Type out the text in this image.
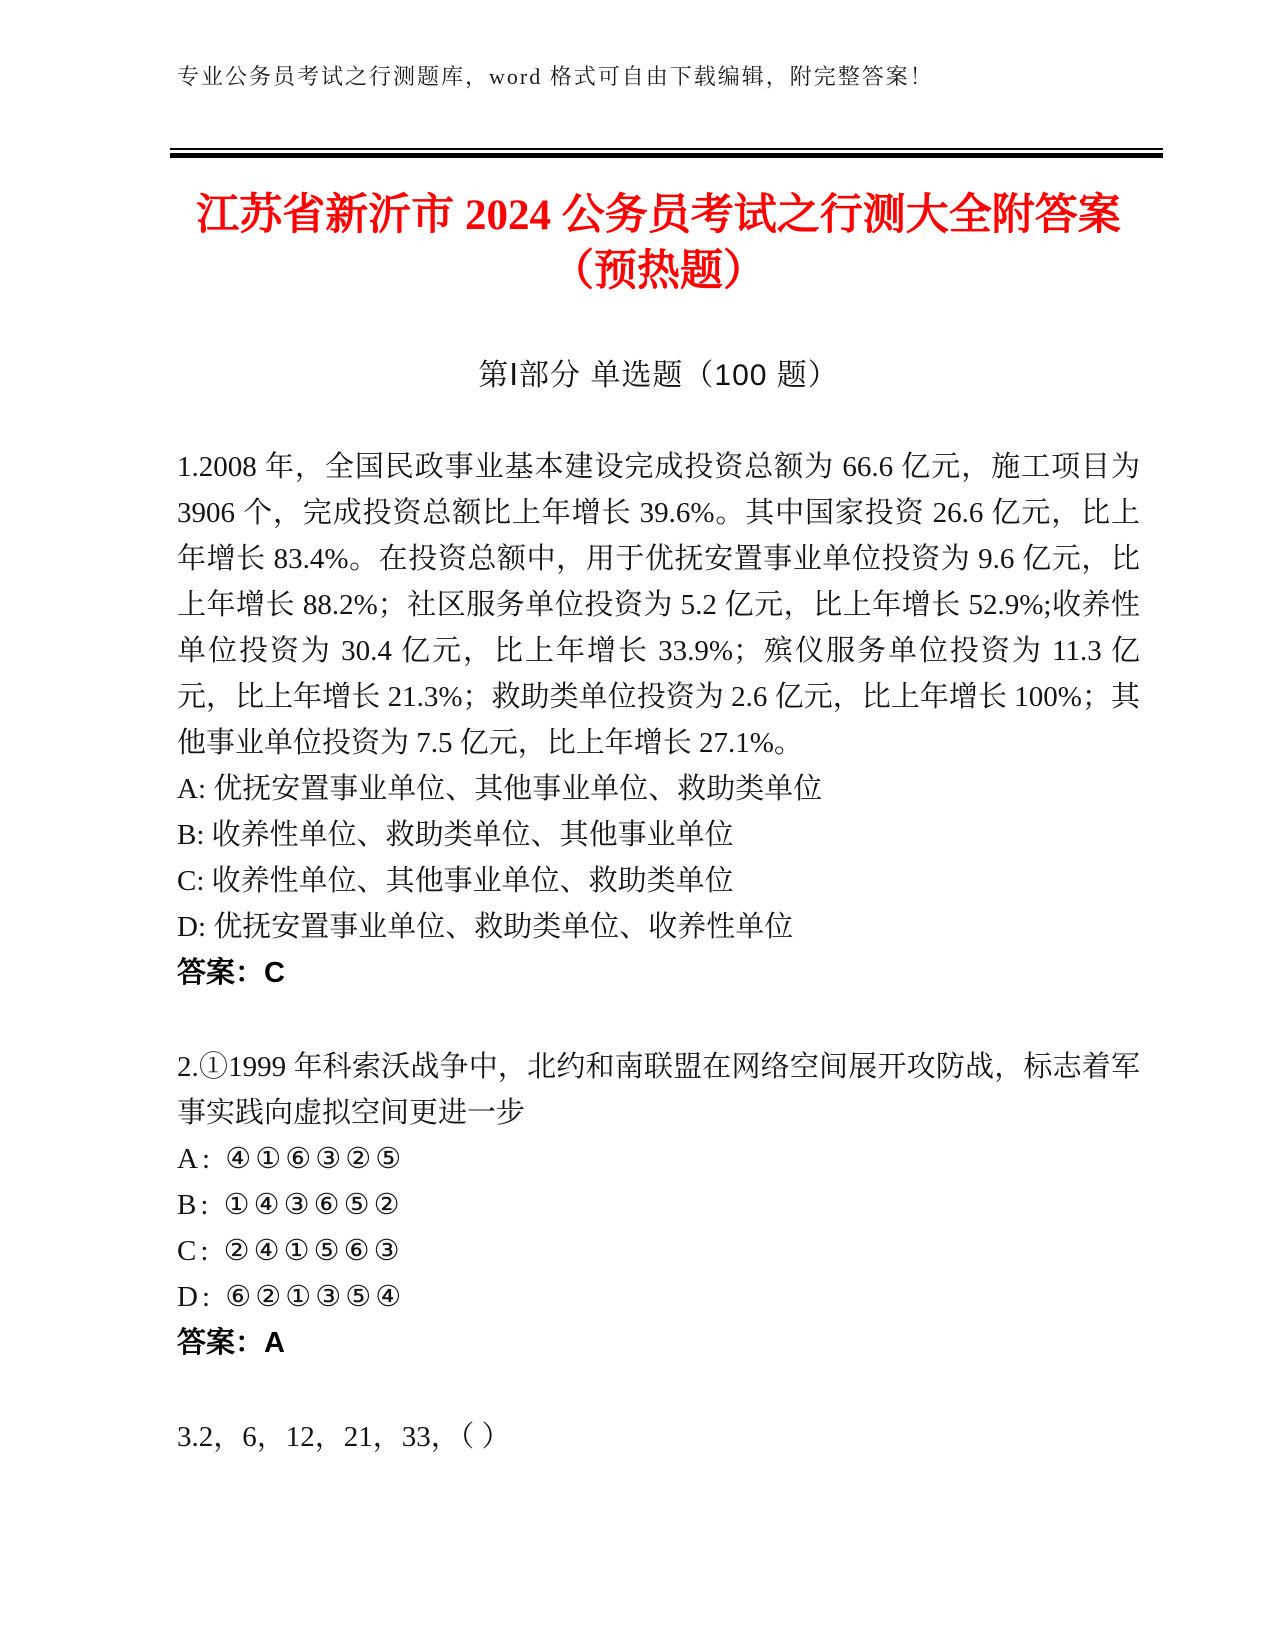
专业公务员考试之行测题库，word 格式可自由下载编辑，附完整答案！
江苏省新沂市 2024 公务员考试之行测大全附答案（预热题）
第Ⅰ部分 单选题（100 题）

1.2008 年，全国民政事业基本建设完成投资总额为 66.6 亿元，施工项目为 3906 个，完成投资总额比上年增长 39.6%。其中国家投资 26.6 亿元，比上年增长 83.4%。在投资总额中，用于优抚安置事业单位投资为 9.6 亿元，比上年增长 88.2%；社区服务单位投资为 5.2 亿元，比上年增长 52.9%;收养性单位投资为 30.4 亿元，比上年增长 33.9%；殡仪服务单位投资为 11.3 亿元，比上年增长 21.3%；救助类单位投资为 2.6 亿元，比上年增长 100%；其他事业单位投资为 7.5 亿元，比上年增长 27.1%。

A: 优抚安置事业单位、其他事业单位、救助类单位

B: 收养性单位、救助类单位、其他事业单位

C: 收养性单位、其他事业单位、救助类单位

D: 优抚安置事业单位、救助类单位、收养性单位

答案：C

2.①1999 年科索沃战争中，北约和南联盟在网络空间展开攻防战，标志着军事实践向虚拟空间更进一步

A: ④①⑥③②⑤

B: ①④③⑥⑤②

C: ②④①⑤⑥③

D: ⑥②①③⑤④

答案：A

3.2，6，12，21，33，（ ）
